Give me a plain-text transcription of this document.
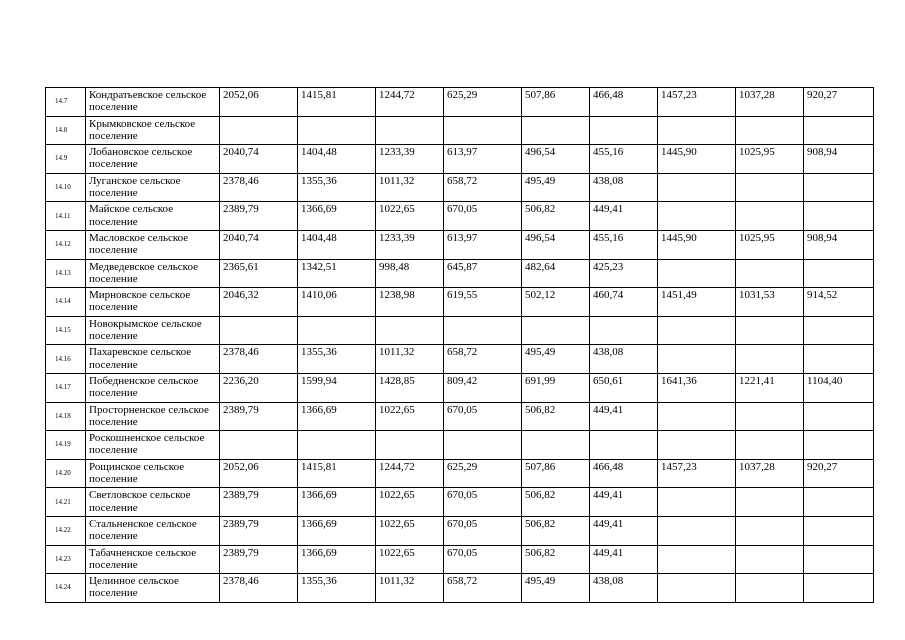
14.7	Кондратьевское сельское поселение	2052,06	1415,81	1244,72	625,29	507,86	466,48	1457,23	1037,28	920,27
14.8	Крымковское сельское поселение									
14.9	Лобановское сельское поселение	2040,74	1404,48	1233,39	613,97	496,54	455,16	1445,90	1025,95	908,94
14.10	Луганское сельское поселение	2378,46	1355,36	1011,32	658,72	495,49	438,08			
14.11	Майское сельское поселение	2389,79	1366,69	1022,65	670,05	506,82	449,41			
14.12	Масловское сельское поселение	2040,74	1404,48	1233,39	613,97	496,54	455,16	1445,90	1025,95	908,94
14.13	Медведевское сельское поселение	2365,61	1342,51	998,48	645,87	482,64	425,23			
14.14	Мирновское сельское поселение	2046,32	1410,06	1238,98	619,55	502,12	460,74	1451,49	1031,53	914,52
14.15	Новокрымское сельское поселение									
14.16	Пахаревское сельское поселение	2378,46	1355,36	1011,32	658,72	495,49	438,08			
14.17	Победненское сельское поселение	2236,20	1599,94	1428,85	809,42	691,99	650,61	1641,36	1221,41	1104,40
14.18	Просторненское сельское поселение	2389,79	1366,69	1022,65	670,05	506,82	449,41			
14.19	Роскошненское сельское поселение									
14.20	Рощинское сельское поселение	2052,06	1415,81	1244,72	625,29	507,86	466,48	1457,23	1037,28	920,27
14.21	Светловское сельское поселение	2389,79	1366,69	1022,65	670,05	506,82	449,41			
14.22	Стальненское сельское поселение	2389,79	1366,69	1022,65	670,05	506,82	449,41			
14.23	Табачненское сельское поселение	2389,79	1366,69	1022,65	670,05	506,82	449,41			
14.24	Целинное сельское поселение	2378,46	1355,36	1011,32	658,72	495,49	438,08			
